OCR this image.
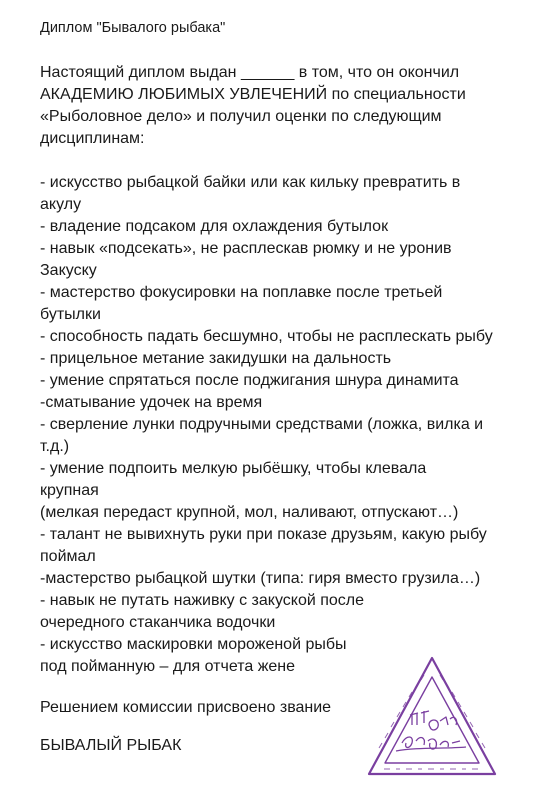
Диплом "Бывалого рыбака"
Настоящий диплом выдан ______ в том, что он окончил
АКАДЕМИЮ ЛЮБИМЫХ УВЛЕЧЕНИЙ по специальности
«Рыболовное дело» и получил оценки по следующим
дисциплинам:
- искусство рыбацкой байки или как кильку превратить в
акулу
- владение подсаком для охлаждения бутылок
- навык «подсекать», не расплескав рюмку и не уронив
Закуску
- мастерство фокусировки на поплавке после третьей
бутылки
- способность падать бесшумно, чтобы не расплескать рыбу
- прицельное метание закидушки на дальность
- умение спрятаться после поджигания шнура динамита
-сматывание удочек на время
- сверление лунки подручными средствами (ложка, вилка и
т.д.)
- умение подпоить мелкую рыбёшку, чтобы клевала
крупная
(мелкая передаст крупной, мол, наливают, отпускают…)
- талант не вывихнуть руки при показе друзьям, какую рыбу
поймал
-мастерство рыбацкой шутки (типа: гиря вместо грузила…)
- навык не путать наживку с закуской после
очередного стаканчика водочки
- искусство маскировки мороженой рыбы
под пойманную – для отчета жене
Решением комиссии присвоено звание
БЫВАЛЫЙ РЫБАК
